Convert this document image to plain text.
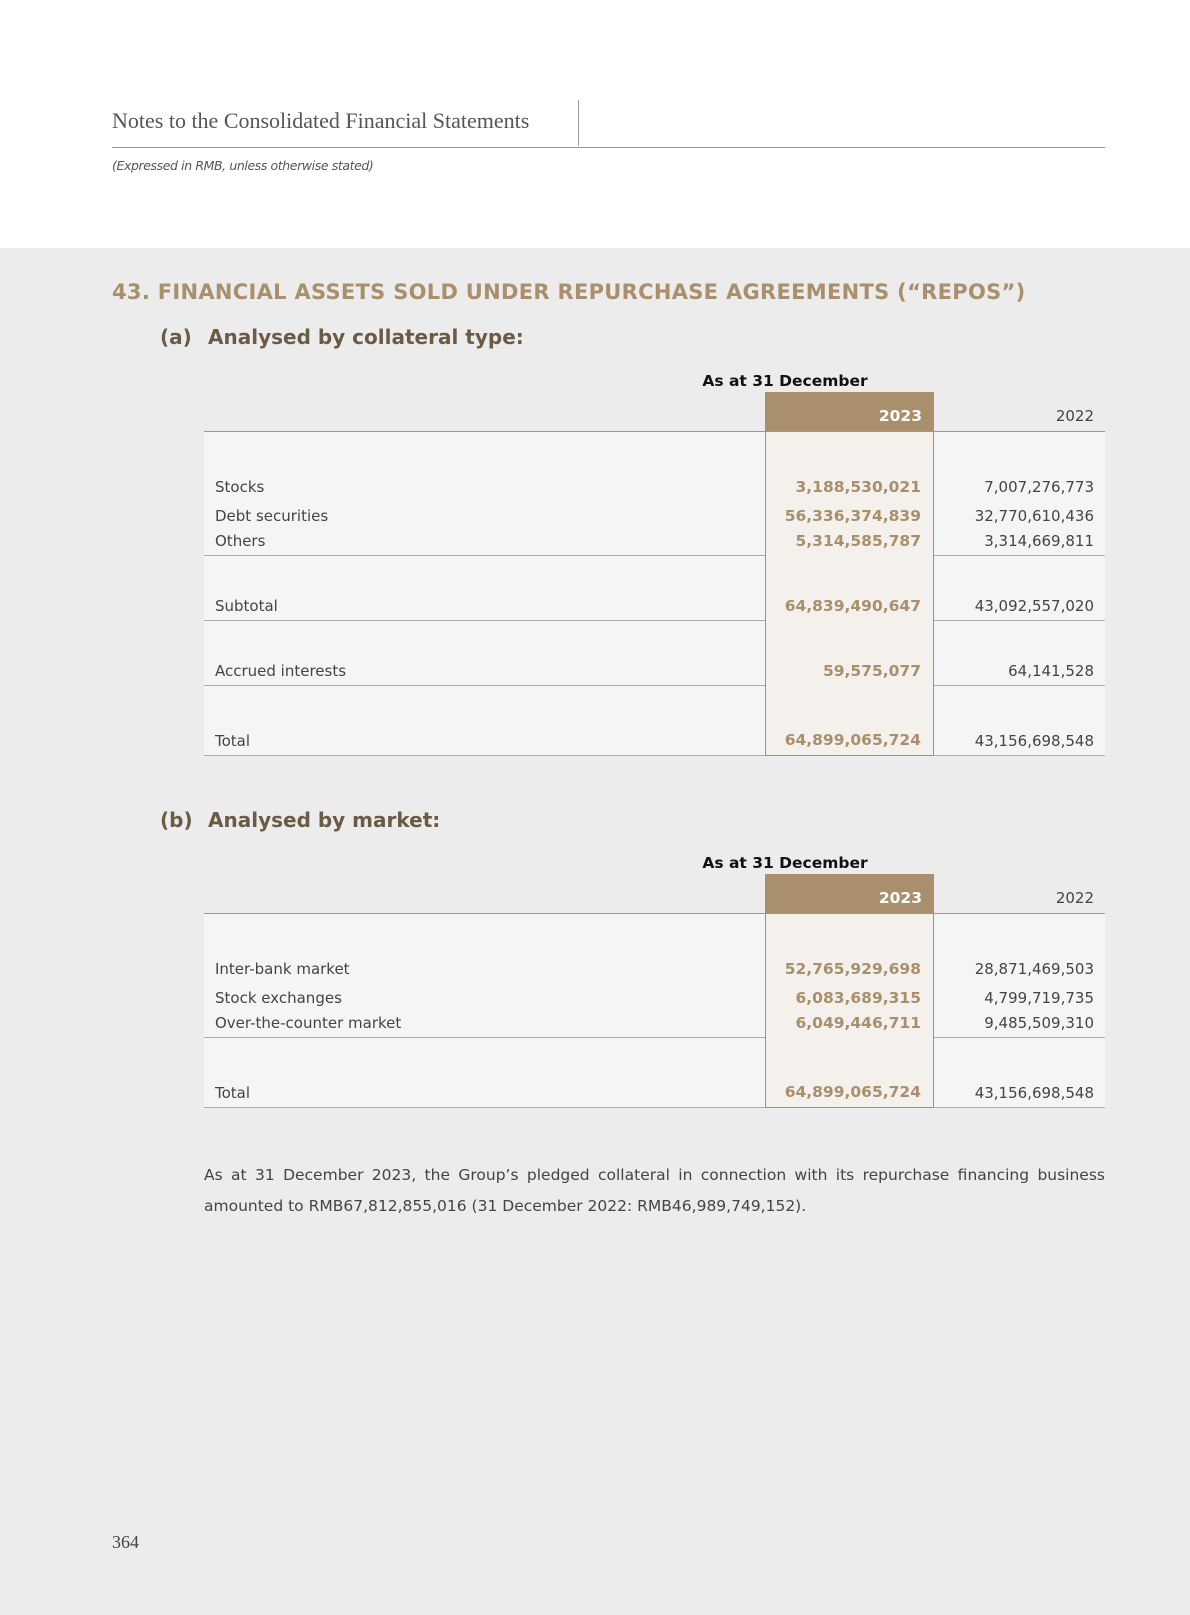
Notes to the Consolidated Financial Statements
(Expressed in RMB, unless otherwise stated)
43. FINANCIAL ASSETS SOLD UNDER REPURCHASE AGREEMENTS (“REPOS”)
(a) Analysed by collateral type:
As at 31 December
2023	2022
Stocks	3,188,530,021	7,007,276,773
Debt securities	56,336,374,839	32,770,610,436
Others	5,314,585,787	3,314,669,811
Subtotal	64,839,490,647	43,092,557,020
Accrued interests	59,575,077	64,141,528
Total	64,899,065,724	43,156,698,548
(b) Analysed by market:
As at 31 December
2023	2022
Inter-bank market	52,765,929,698	28,871,469,503
Stock exchanges	6,083,689,315	4,799,719,735
Over-the-counter market	6,049,446,711	9,485,509,310
Total	64,899,065,724	43,156,698,548
As at 31 December 2023, the Group’s pledged collateral in connection with its repurchase financing business amounted to RMB67,812,855,016 (31 December 2022: RMB46,989,749,152).
364
